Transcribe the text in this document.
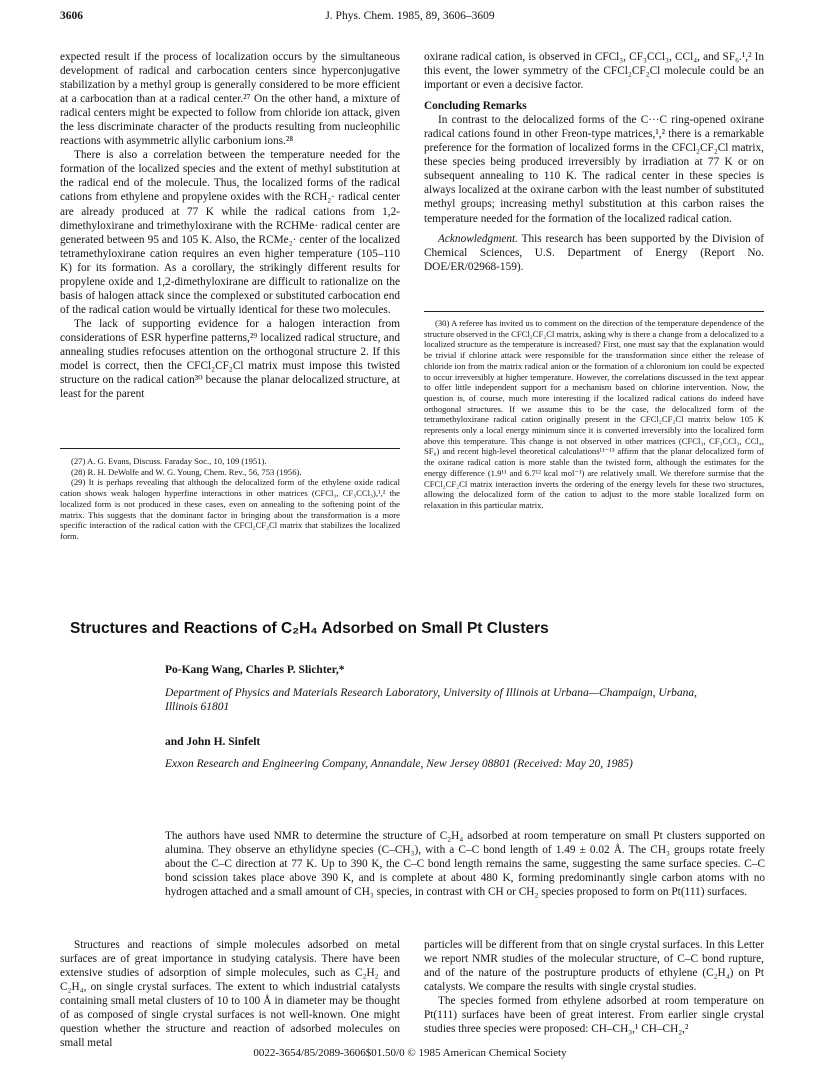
3606	J. Phys. Chem. 1985, 89, 3606–3609

expected result if the process of localization occurs by the simultaneous development of radical and carbocation centers since hyperconjugative stabilization by a methyl group is generally considered to be more efficient at a carbocation than at a radical center.²⁷ On the other hand, a mixture of radical centers might be expected to follow from chloride ion attack, given the less discriminate character of the products resulting from nucleophilic reactions with asymmetric allylic carbonium ions.²⁸

There is also a correlation between the temperature needed for the formation of the localized species and the extent of methyl substitution at the radical end of the molecule. Thus, the localized forms of the radical cations from ethylene and propylene oxides with the RCH₂· radical center are already produced at 77 K while the radical cations from 1,2-dimethyloxirane and trimethyloxirane with the RCHMe· radical center are generated between 95 and 105 K. Also, the RCMe₂· center of the localized tetramethyloxirane cation requires an even higher temperature (105–110 K) for its formation. As a corollary, the strikingly different results for propylene oxide and 1,2-dimethyloxirane are difficult to rationalize on the basis of halogen attack since the complexed or substituted carbocation end of the radical cation would be virtually identical for these two molecules.

The lack of supporting evidence for a halogen interaction from considerations of ESR hyperfine patterns,²⁹ localized radical structure, and annealing studies refocuses attention on the orthogonal structure 2. If this model is correct, then the CFCl₂CF₂Cl matrix must impose this twisted structure on the radical cation³⁰ because the planar delocalized structure, at least for the parent

(27) A. G. Evans, Discuss. Faraday Soc., 10, 109 (1951).

(28) R. H. DeWolfe and W. G. Young, Chem. Rev., 56, 753 (1956).

(29) It is perhaps revealing that although the delocalized form of the ethylene oxide radical cation shows weak halogen hyperfine interactions in other matrices (CFCl₃, CF₃CCl₃),¹,² the localized form is not produced in these cases, even on annealing to the softening point of the matrix. This suggests that the dominant factor in bringing about the transformation is a more specific interaction of the radical cation with the CFCl₂CF₂Cl matrix that stabilizes the localized form.

oxirane radical cation, is observed in CFCl₃, CF₃CCl₃, CCl₄, and SF₆.¹,² In this event, the lower symmetry of the CFCl₂CF₂Cl molecule could be an important or even a decisive factor.

Concluding Remarks

In contrast to the delocalized forms of the C···C ring-opened oxirane radical cations found in other Freon-type matrices,¹,² there is a remarkable preference for the formation of localized forms in the CFCl₂CF₂Cl matrix, these species being produced irreversibly by irradiation at 77 K or on subsequent annealing to 110 K. The radical center in these species is always localized at the oxirane carbon with the least number of substituted methyl groups; increasing methyl substitution at this carbon raises the temperature needed for the formation of the localized radical cation.

Acknowledgment. This research has been supported by the Division of Chemical Sciences, U.S. Department of Energy (Report No. DOE/ER/02968-159).

(30) A referee has invited us to comment on the direction of the temperature dependence of the structure observed in the CFCl₂CF₂Cl matrix, asking why is there a change from a delocalized to a localized structure as the temperature is increased? First, one must say that the explanation would be trivial if chlorine attack were responsible for the transformation since either the release of chloride ion from the matrix radical anion or the formation of a chloronium ion could be expected to occur irreversibly at higher temperature. However, the correlations discussed in the text appear to offer little independent support for a mechanism based on chlorine intervention. Now, the question is, of course, much more interesting if the localized radical cations do indeed have orthogonal structures. If we assume this to be the case, the delocalized form of the tetramethyloxirane radical cation originally present in the CFCl₂CF₂Cl matrix below 105 K represents only a local energy minimum since it is converted irreversibly into the localized form above this temperature. This change is not observed in other matrices (CFCl₃, CF₃CCl₃, CCl₄, SF₆) and recent high-level theoretical calculations¹¹⁻¹³ affirm that the planar delocalized form of the oxirane radical cation is more stable than the twisted form, although the estimates for the energy difference (1.9¹¹ and 6.7¹² kcal mol⁻¹) are relatively small. We therefore surmise that the CFCl₂CF₂Cl matrix interaction inverts the ordering of the energy levels for these two structures, allowing the delocalized form of the cation to adjust to the more stable localized form on relaxation in this particular matrix.

Structures and Reactions of C₂H₄ Adsorbed on Small Pt Clusters
Po-Kang Wang, Charles P. Slichter,*
Department of Physics and Materials Research Laboratory, University of Illinois at Urbana—Champaign, Urbana, Illinois 61801
and John H. Sinfelt
Exxon Research and Engineering Company, Annandale, New Jersey 08801 (Received: May 20, 1985)
The authors have used NMR to determine the structure of C₂H₄ adsorbed at room temperature on small Pt clusters supported on alumina. They observe an ethylidyne species (C–CH₃), with a C–C bond length of 1.49 ± 0.02 Å. The CH₃ groups rotate freely about the C–C direction at 77 K. Up to 390 K, the C–C bond length remains the same, suggesting the same surface species. C–C bond scission takes place above 390 K, and is complete at about 480 K, forming predominantly single carbon atoms with no hydrogen attached and a small amount of CH₃ species, in contrast with CH or CH₂ species proposed to form on Pt(111) surfaces.

Structures and reactions of simple molecules adsorbed on metal surfaces are of great importance in studying catalysis. There have been extensive studies of adsorption of simple molecules, such as C₂H₂ and C₂H₄, on single crystal surfaces. The extent to which industrial catalysts containing small metal clusters of 10 to 100 Å in diameter may be thought of as composed of single crystal surfaces is not well-known. One might question whether the structure and reaction of adsorbed molecules on small metal

particles will be different from that on single crystal surfaces. In this Letter we report NMR studies of the molecular structure, of C–C bond rupture, and of the nature of the postrupture products of ethylene (C₂H₄) on Pt catalysts. We compare the results with single crystal studies.

The species formed from ethylene adsorbed at room temperature on Pt(111) surfaces have been of great interest. From earlier single crystal studies three species were proposed: CH–CH₃,¹ CH–CH₂,²

0022-3654/85/2089-3606$01.50/0 © 1985 American Chemical Society
